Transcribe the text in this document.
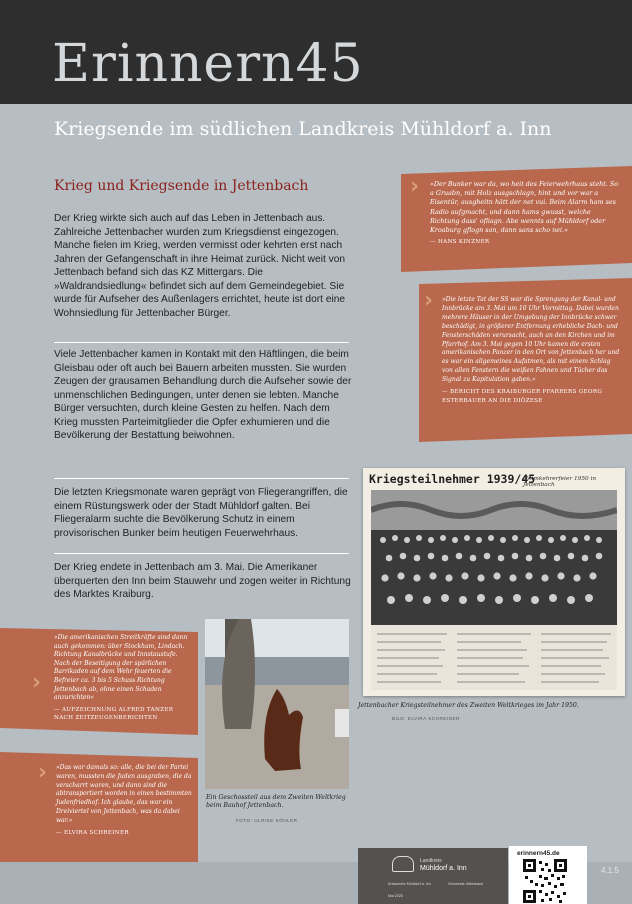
Erinnern45
Kriegsende im südlichen Landkreis Mühldorf a. Inn
Krieg und Kriegsende in Jettenbach
Der Krieg wirkte sich auch auf das Leben in Jettenbach aus. Zahlreiche Jettenbacher wurden zum Kriegsdienst eingezogen. Manche fielen im Krieg, werden vermisst oder kehrten erst nach Jahren der Gefangenschaft in ihre Heimat zurück. Nicht weit von Jettenbach befand sich das KZ Mittergars. Die »Waldrandsiedlung« befindet sich auf dem Gemeindegebiet. Sie wurde für Aufseher des Außenlagers errichtet, heute ist dort eine Wohnsiedlung für Jettenbacher Bürger.
Viele Jettenbacher kamen in Kontakt mit den Häftlingen, die beim Gleisbau oder oft auch bei Bauern arbeiten mussten. Sie wurden Zeugen der grausamen Behandlung durch die Aufseher sowie der unmenschlichen Bedingungen, unter denen sie lebten. Manche Bürger versuchten, durch kleine Gesten zu helfen. Nach dem Krieg mussten Parteimitglieder die Opfer exhumieren und die Bevölkerung der Bestattung beiwohnen.
Die letzten Kriegsmonate waren geprägt von Fliegerangriffen, die einem Rüstungswerk oder der Stadt Mühldorf galten. Bei Fliegeralarm suchte die Bevölkerung Schutz in einem provisorischen Bunker beim heutigen Feuerwehrhaus.
Der Krieg endete in Jettenbach am 3. Mai. Die Amerikaner überquerten den Inn beim Stauwehr und zogen weiter in Richtung des Marktes Kraiburg.
› »Der Bunker war da, wo heit des Feierwehrhaus steht. So a Gruabn, mit Holz ausgschlagn, hint und vor war a Eisentür, ausgheitn hätt der net vui. Beim Alarm ham ses Radio aufgmacht, und dann hams gwusst, welche Richtung dass' ofliagn. Abe wennts auf Mühldorf oder Kroaburg gflogn san, dann sans scho nei.«
— HANS KINZNER
› »Die letzte Tat der SS war die Sprengung der Kanal- und Innbrücke am 3. Mai um 10 Uhr Vormittag. Dabei wurden mehrere Häuser in der Umgebung der Innbrücke schwer beschädigt, in größerer Entfernung erhebliche Dach- und Fensterschäden verursacht, auch an den Kirchen und im Pfarrhof. Am 3. Mai gegen 10 Uhr kamen die ersten amerikanischen Panzer in den Ort von Jettenbach her und es war ein allgemeines Aufatmen, als mit einem Schlag von allen Fenstern die weißen Fahnen und Tücher das Signal zu Kapitulation gaben.«
— BERICHT DES KRAIBURGER PFARRERS GEORG ESTERBAUER AN DIE DIÖZESE
Kriegsteilnehmer 1939/45
Heimkehrerfeier 1950 in Jettenbach
Jettenbacher Kriegsteilnehmer des Zweiten Weltkrieges im Jahr 1950.
BILD: ELVIRA SCHREINER
›
»Die amerikanischen Streitkräfte sind dann auch gekommen: über Stockham, Lindach. Richtung Kanalbrücke und Innstaustufe. Nach der Beseitigung der spärlichen Barrikaden auf dem Wehr feuerten die Befreier ca. 3 bis 5 Schuss Richtung Jettenbach ab, ohne einen Schaden anzurichten«
— AUFZEICHNUNG ALFRED TANZER NACH ZEITZEUGENBERICHTEN
› »Das war damals so: alle, die bei der Partei waren, mussten die Juden ausgraben, die da verscharrt waren, und dann sind die abtransportiert worden in einen bestimmten Judenfriedhof. Ich glaube, das war ein Dreiviertel von Jettenbach, was da dabei war.«
— ELVIRA SCHREINER
Ein Geschossteil aus dem Zweiten Weltkrieg beim Bauhof Jettenbach.
FOTO: ULRIKE KÖHLER
Landkreis
Mühldorf a. Inn
Kreisarchiv Mühldorf a. Inn	Gemeinde Jettenbach
Mai 2025
erinnern45.de
4.1.5
